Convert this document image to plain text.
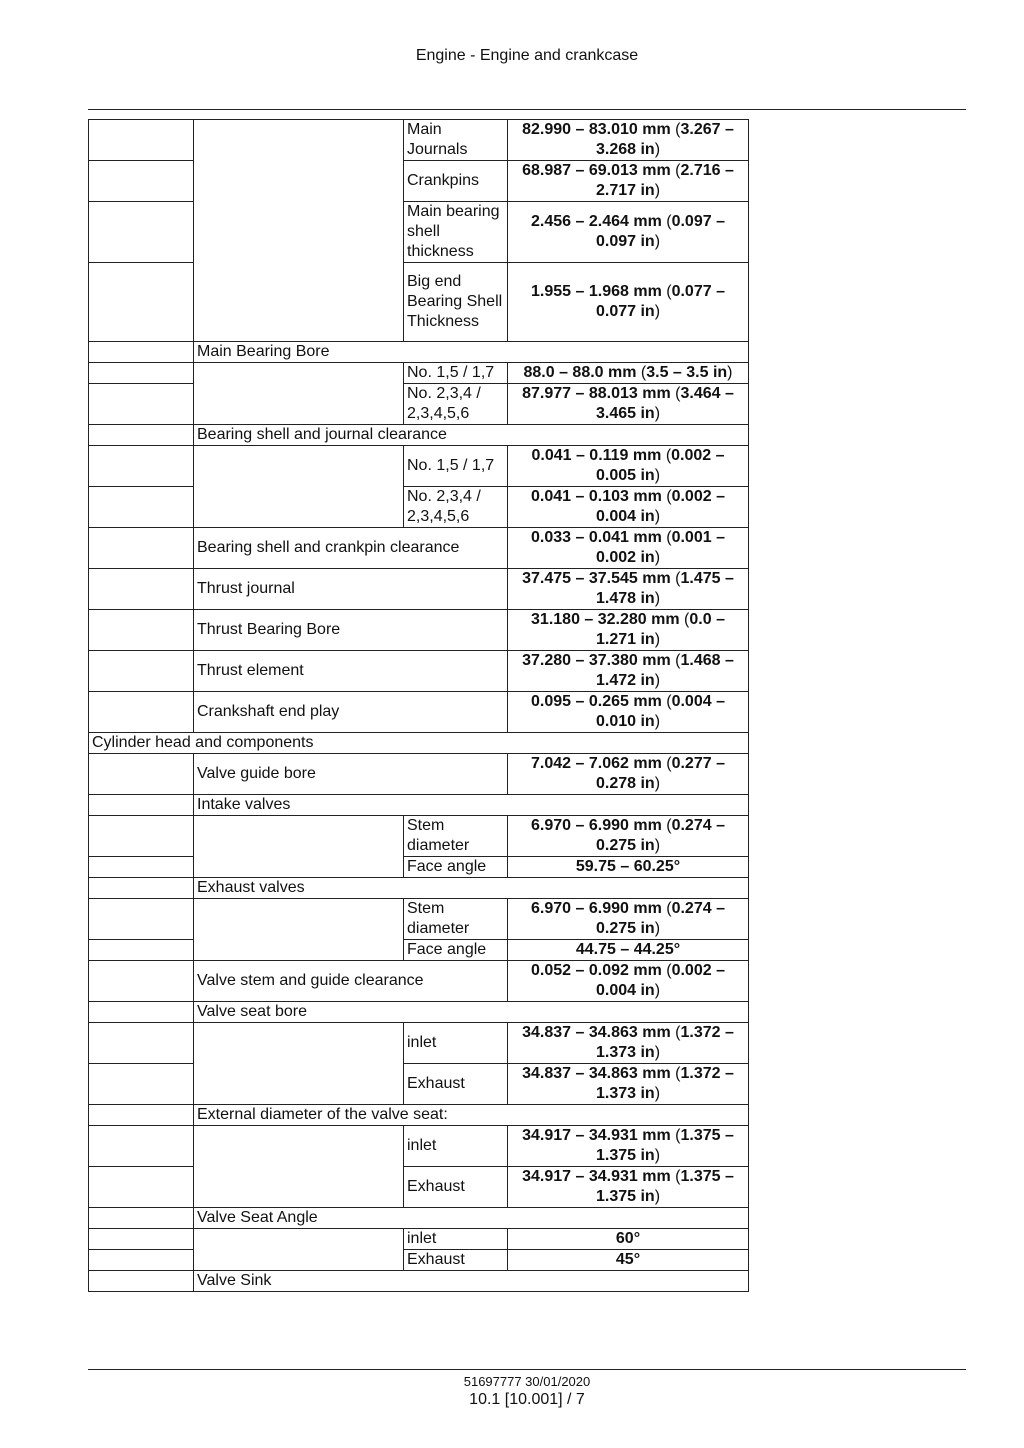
Engine - Engine and crankcase
		Main Journals	82.990 – 83.010 mm (3.267 –
3.268 in)
		Crankpins	68.987 – 69.013 mm (2.716 –
2.717 in)
		Main bearing shell thickness	2.456 – 2.464 mm (0.097 –
0.097 in)
		Big end Bearing Shell Thickness	1.955 – 1.968 mm (0.077 –
0.077 in)
	Main Bearing Bore		
		No. 1,5 / 1,7	88.0 – 88.0 mm (3.5 – 3.5 in)
		No. 2,3,4 / 2,3,4,5,6	87.977 – 88.013 mm (3.464 –
3.465 in)
	Bearing shell and journal clearance		
		No. 1,5 / 1,7	0.041 – 0.119 mm (0.002 –
0.005 in)
		No. 2,3,4 / 2,3,4,5,6	0.041 – 0.103 mm (0.002 –
0.004 in)
	Bearing shell and crankpin clearance		0.033 – 0.041 mm (0.001 –
0.002 in)
	Thrust journal		37.475 – 37.545 mm (1.475 –
1.478 in)
	Thrust Bearing Bore		31.180 – 32.280 mm (0.0 –
1.271 in)
	Thrust element		37.280 – 37.380 mm (1.468 –
1.472 in)
	Crankshaft end play		0.095 – 0.265 mm (0.004 –
0.010 in)
Cylinder head and components			
	Valve guide bore		7.042 – 7.062 mm (0.277 –
0.278 in)
	Intake valves		
		Stem diameter	6.970 – 6.990 mm (0.274 –
0.275 in)
		Face angle	59.75 – 60.25°
	Exhaust valves		
		Stem diameter	6.970 – 6.990 mm (0.274 –
0.275 in)
		Face angle	44.75 – 44.25°
	Valve stem and guide clearance		0.052 – 0.092 mm (0.002 –
0.004 in)
	Valve seat bore		
		inlet	34.837 – 34.863 mm (1.372 –
1.373 in)
		Exhaust	34.837 – 34.863 mm (1.372 –
1.373 in)
	External diameter of the valve seat:		
		inlet	34.917 – 34.931 mm (1.375 –
1.375 in)
		Exhaust	34.917 – 34.931 mm (1.375 –
1.375 in)
	Valve Seat Angle		
		inlet	60°
		Exhaust	45°
	Valve Sink		
51697777 30/01/2020
10.1 [10.001] / 7
